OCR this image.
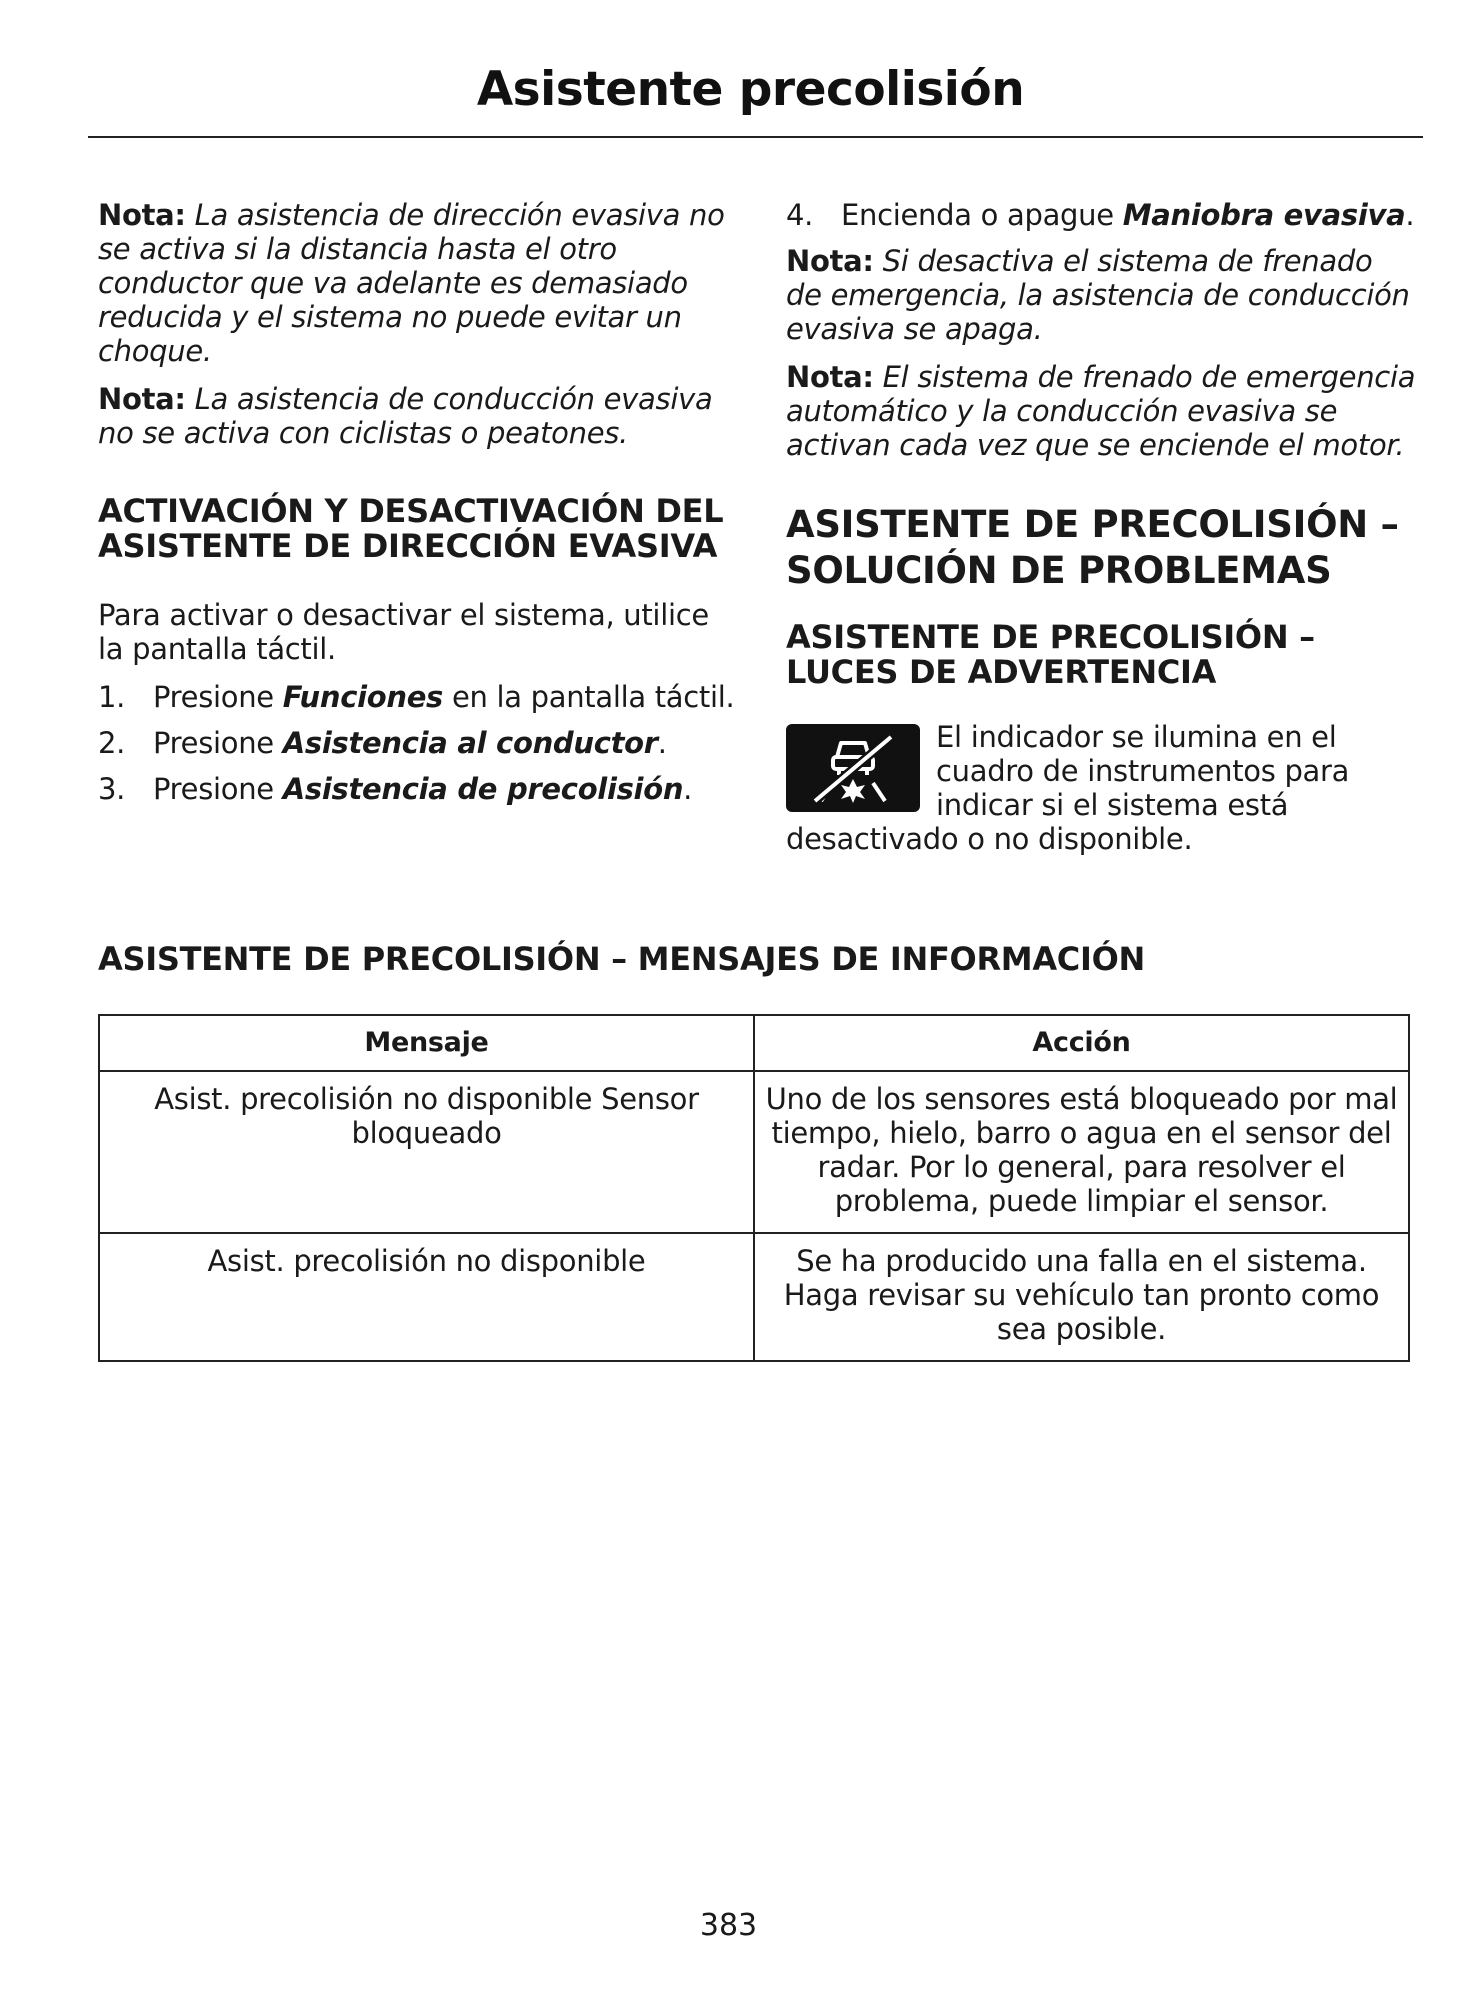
Asistente precolisión

Nota: La asistencia de dirección evasiva no se activa si la distancia hasta el otro conductor que va adelante es demasiado reducida y el sistema no puede evitar un choque.

Nota: La asistencia de conducción evasiva no se activa con ciclistas o peatones.

ACTIVACIÓN Y DESACTIVACIÓN DEL ASISTENTE DE DIRECCIÓN EVASIVA

Para activar o desactivar el sistema, utilice la pantalla táctil.

1. Presione Funciones en la pantalla táctil.
2. Presione Asistencia al conductor.
3. Presione Asistencia de precolisión.
4. Encienda o apague Maniobra evasiva.

Nota: Si desactiva el sistema de frenado de emergencia, la asistencia de conducción evasiva se apaga.

Nota: El sistema de frenado de emergencia automático y la conducción evasiva se activan cada vez que se enciende el motor.

ASISTENTE DE PRECOLISIÓN – SOLUCIÓN DE PROBLEMAS
ASISTENTE DE PRECOLISIÓN – LUCES DE ADVERTENCIA
El indicador se ilumina en el cuadro de instrumentos para indicar si el sistema está desactivado o no disponible.
ASISTENTE DE PRECOLISIÓN – MENSAJES DE INFORMACIÓN
Mensaje	Acción
Asist. precolisión no disponible Sensor bloqueado	Uno de los sensores está bloqueado por mal tiempo, hielo, barro o agua en el sensor del radar. Por lo general, para resolver el problema, puede limpiar el sensor.
Asist. precolisión no disponible	Se ha producido una falla en el sistema. Haga revisar su vehículo tan pronto como sea posible.
383
